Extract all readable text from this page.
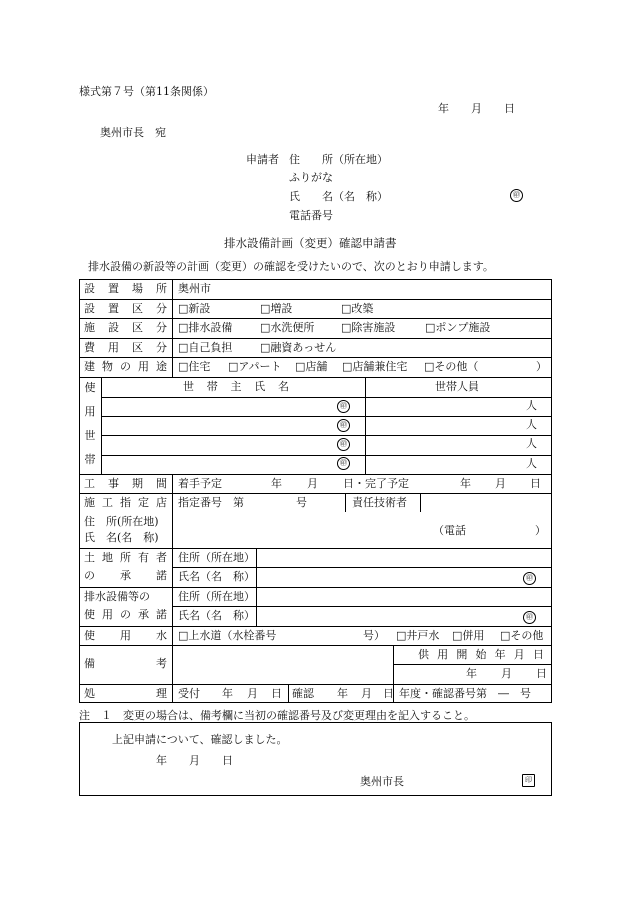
様式第７号（第11条関係）
年　　月　　日
奥州市長　宛
申請者 住　　所（所在地）
ふりがな
氏　　名（名　称）	㊞
電話番号
排水設備計画（変更）確認申請書
排水設備の新設等の計画（変更）の確認を受けたいので、次のとおり申請します。
設 置 場 所 奥州市
設 置 区 分 □新設	□増設	□改築
施 設 区 分 □排水設備	□水洗便所 □除害施設	□ポンプ施設
費 用 区 分 □自己負担	□融資あっせん
建 物 の 用 途 □住宅 □アパート □店舗 □店舗兼住宅 □その他（	）
使
用
世
帯
世 帯 主 氏 名	世帯人員
㊞	人
㊞	人
㊞	人
㊞	人
工 事 期 間 着手予定	年 月 日・完了予定	年 月 日
施 工 指 定 店 指定番号　第	号	責任技術者
住　所(所在地)
氏　名(名　称)
（電話	）
土 地 所 有 者
の 承 諾
住所（所在地）
氏名（名　称）	㊞
排水設備等の
使 用 の 承 諾
住所（所在地）
氏名（名　称）	㊞
使 用 水 □上水道（水栓番号	号） □井戸水 □併用 □その他
備	考
供 用 開 始 年 月 日
年 月 日
処	理 受付 年 月 日 確認 年 月 日 年度・確認番号第　―　号
注　１　変更の場合は、備考欄に当初の確認番号及び変更理由を記入すること。
上記申請について、確認しました。
年　　月　　日
奥州市長	印
